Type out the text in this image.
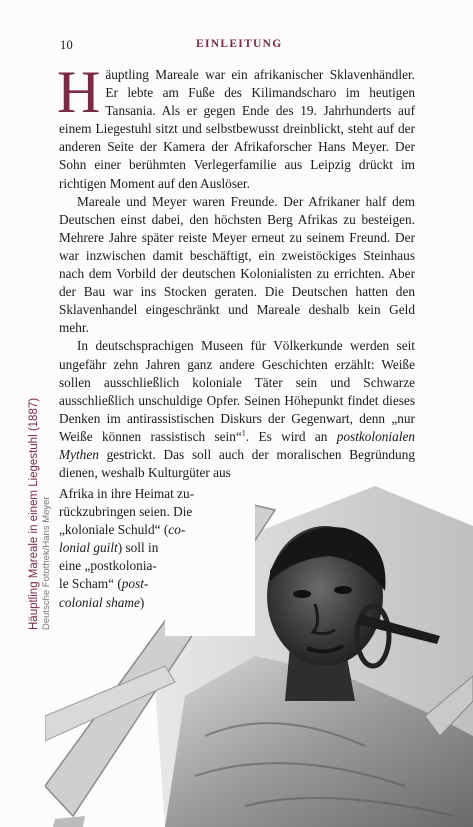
10	EINLEITUNG

Häuptling Mareale war ein afrikanischer Sklavenhändler. Er lebte am Fuße des Kilimandscharo im heutigen Tansania. Als er gegen Ende des 19. Jahrhunderts auf einem Liegestuhl sitzt und selbstbewusst dreinblickt, steht auf der anderen Seite der Kamera der Afrikaforscher Hans Meyer. Der Sohn einer berühmten Verlegerfamilie aus Leipzig drückt im richtigen Moment auf den Auslöser.

Mareale und Meyer waren Freunde. Der Afrikaner half dem Deutschen einst dabei, den höchsten Berg Afrikas zu besteigen. Mehrere Jahre später reiste Meyer erneut zu seinem Freund. Der war inzwischen damit beschäftigt, ein zweistöckiges Steinhaus nach dem Vorbild der deutschen Kolonialisten zu errichten. Aber der Bau war ins Stocken geraten. Die Deutschen hatten den Sklavenhandel eingeschränkt und Mareale deshalb kein Geld mehr.

In deutschsprachigen Museen für Völkerkunde werden seit ungefähr zehn Jahren ganz andere Geschichten erzählt: Weiße sollen ausschließlich koloniale Täter sein und Schwarze ausschließlich unschuldige Opfer. Seinen Höhepunkt findet dieses Denken im antirassistischen Diskurs der Gegenwart, denn „nur Weiße können rassistisch sein“$^1$. Es wird an postkolonialen Mythen gestrickt. Das soll auch der moralischen Begründung dienen, weshalb Kulturgüter aus

Afrika in ihre Heimat zu-
rückzubringen seien. Die
„koloniale Schuld“ (co-
lonial guilt) soll in
eine „postkolonia-
le Scham“ (post-
colonial shame)
Häuptling Mareale in einem Liegestuhl (1887)
Deutsche Fotothek/Hans Meyer
